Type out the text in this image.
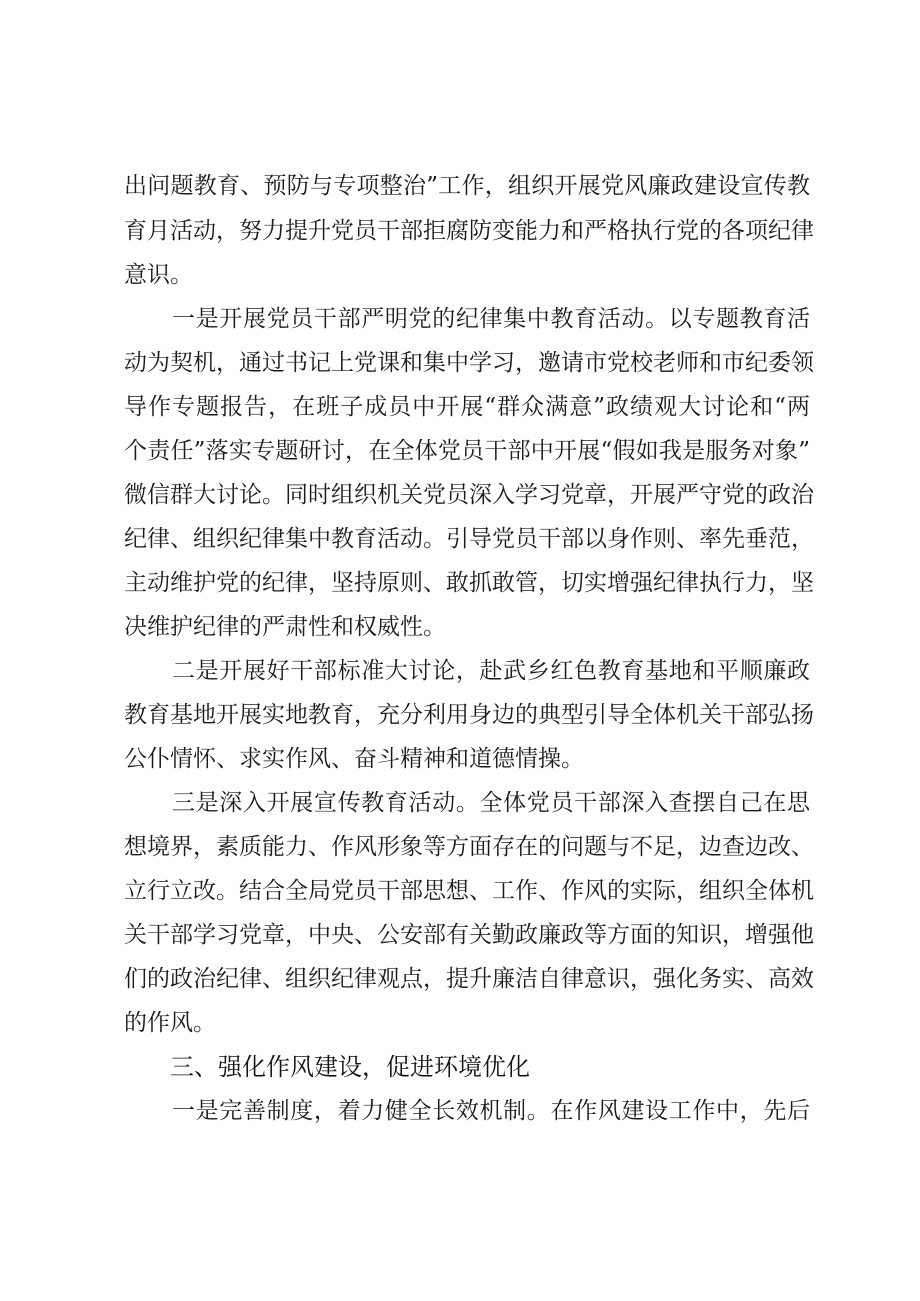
出问题教育、预防与专项整治”工作，组织开展党风廉政建设宣传教
育月活动，努力提升党员干部拒腐防变能力和严格执行党的各项纪律
意识。
一是开展党员干部严明党的纪律集中教育活动。以专题教育活
动为契机，通过书记上党课和集中学习，邀请市党校老师和市纪委领
导作专题报告，在班子成员中开展“群众满意”政绩观大讨论和“两
个责任”落实专题研讨，在全体党员干部中开展“假如我是服务对象”
微信群大讨论。同时组织机关党员深入学习党章，开展严守党的政治
纪律、组织纪律集中教育活动。引导党员干部以身作则、率先垂范，
主动维护党的纪律，坚持原则、敢抓敢管，切实增强纪律执行力，坚
决维护纪律的严肃性和权威性。
二是开展好干部标准大讨论，赴武乡红色教育基地和平顺廉政
教育基地开展实地教育，充分利用身边的典型引导全体机关干部弘扬
公仆情怀、求实作风、奋斗精神和道德情操。
三是深入开展宣传教育活动。全体党员干部深入查摆自己在思
想境界，素质能力、作风形象等方面存在的问题与不足，边查边改、
立行立改。结合全局党员干部思想、工作、作风的实际，组织全体机
关干部学习党章，中央、公安部有关勤政廉政等方面的知识，增强他
们的政治纪律、组织纪律观点，提升廉洁自律意识，强化务实、高效
的作风。
三、强化作风建设，促进环境优化
一是完善制度，着力健全长效机制。在作风建设工作中，先后
